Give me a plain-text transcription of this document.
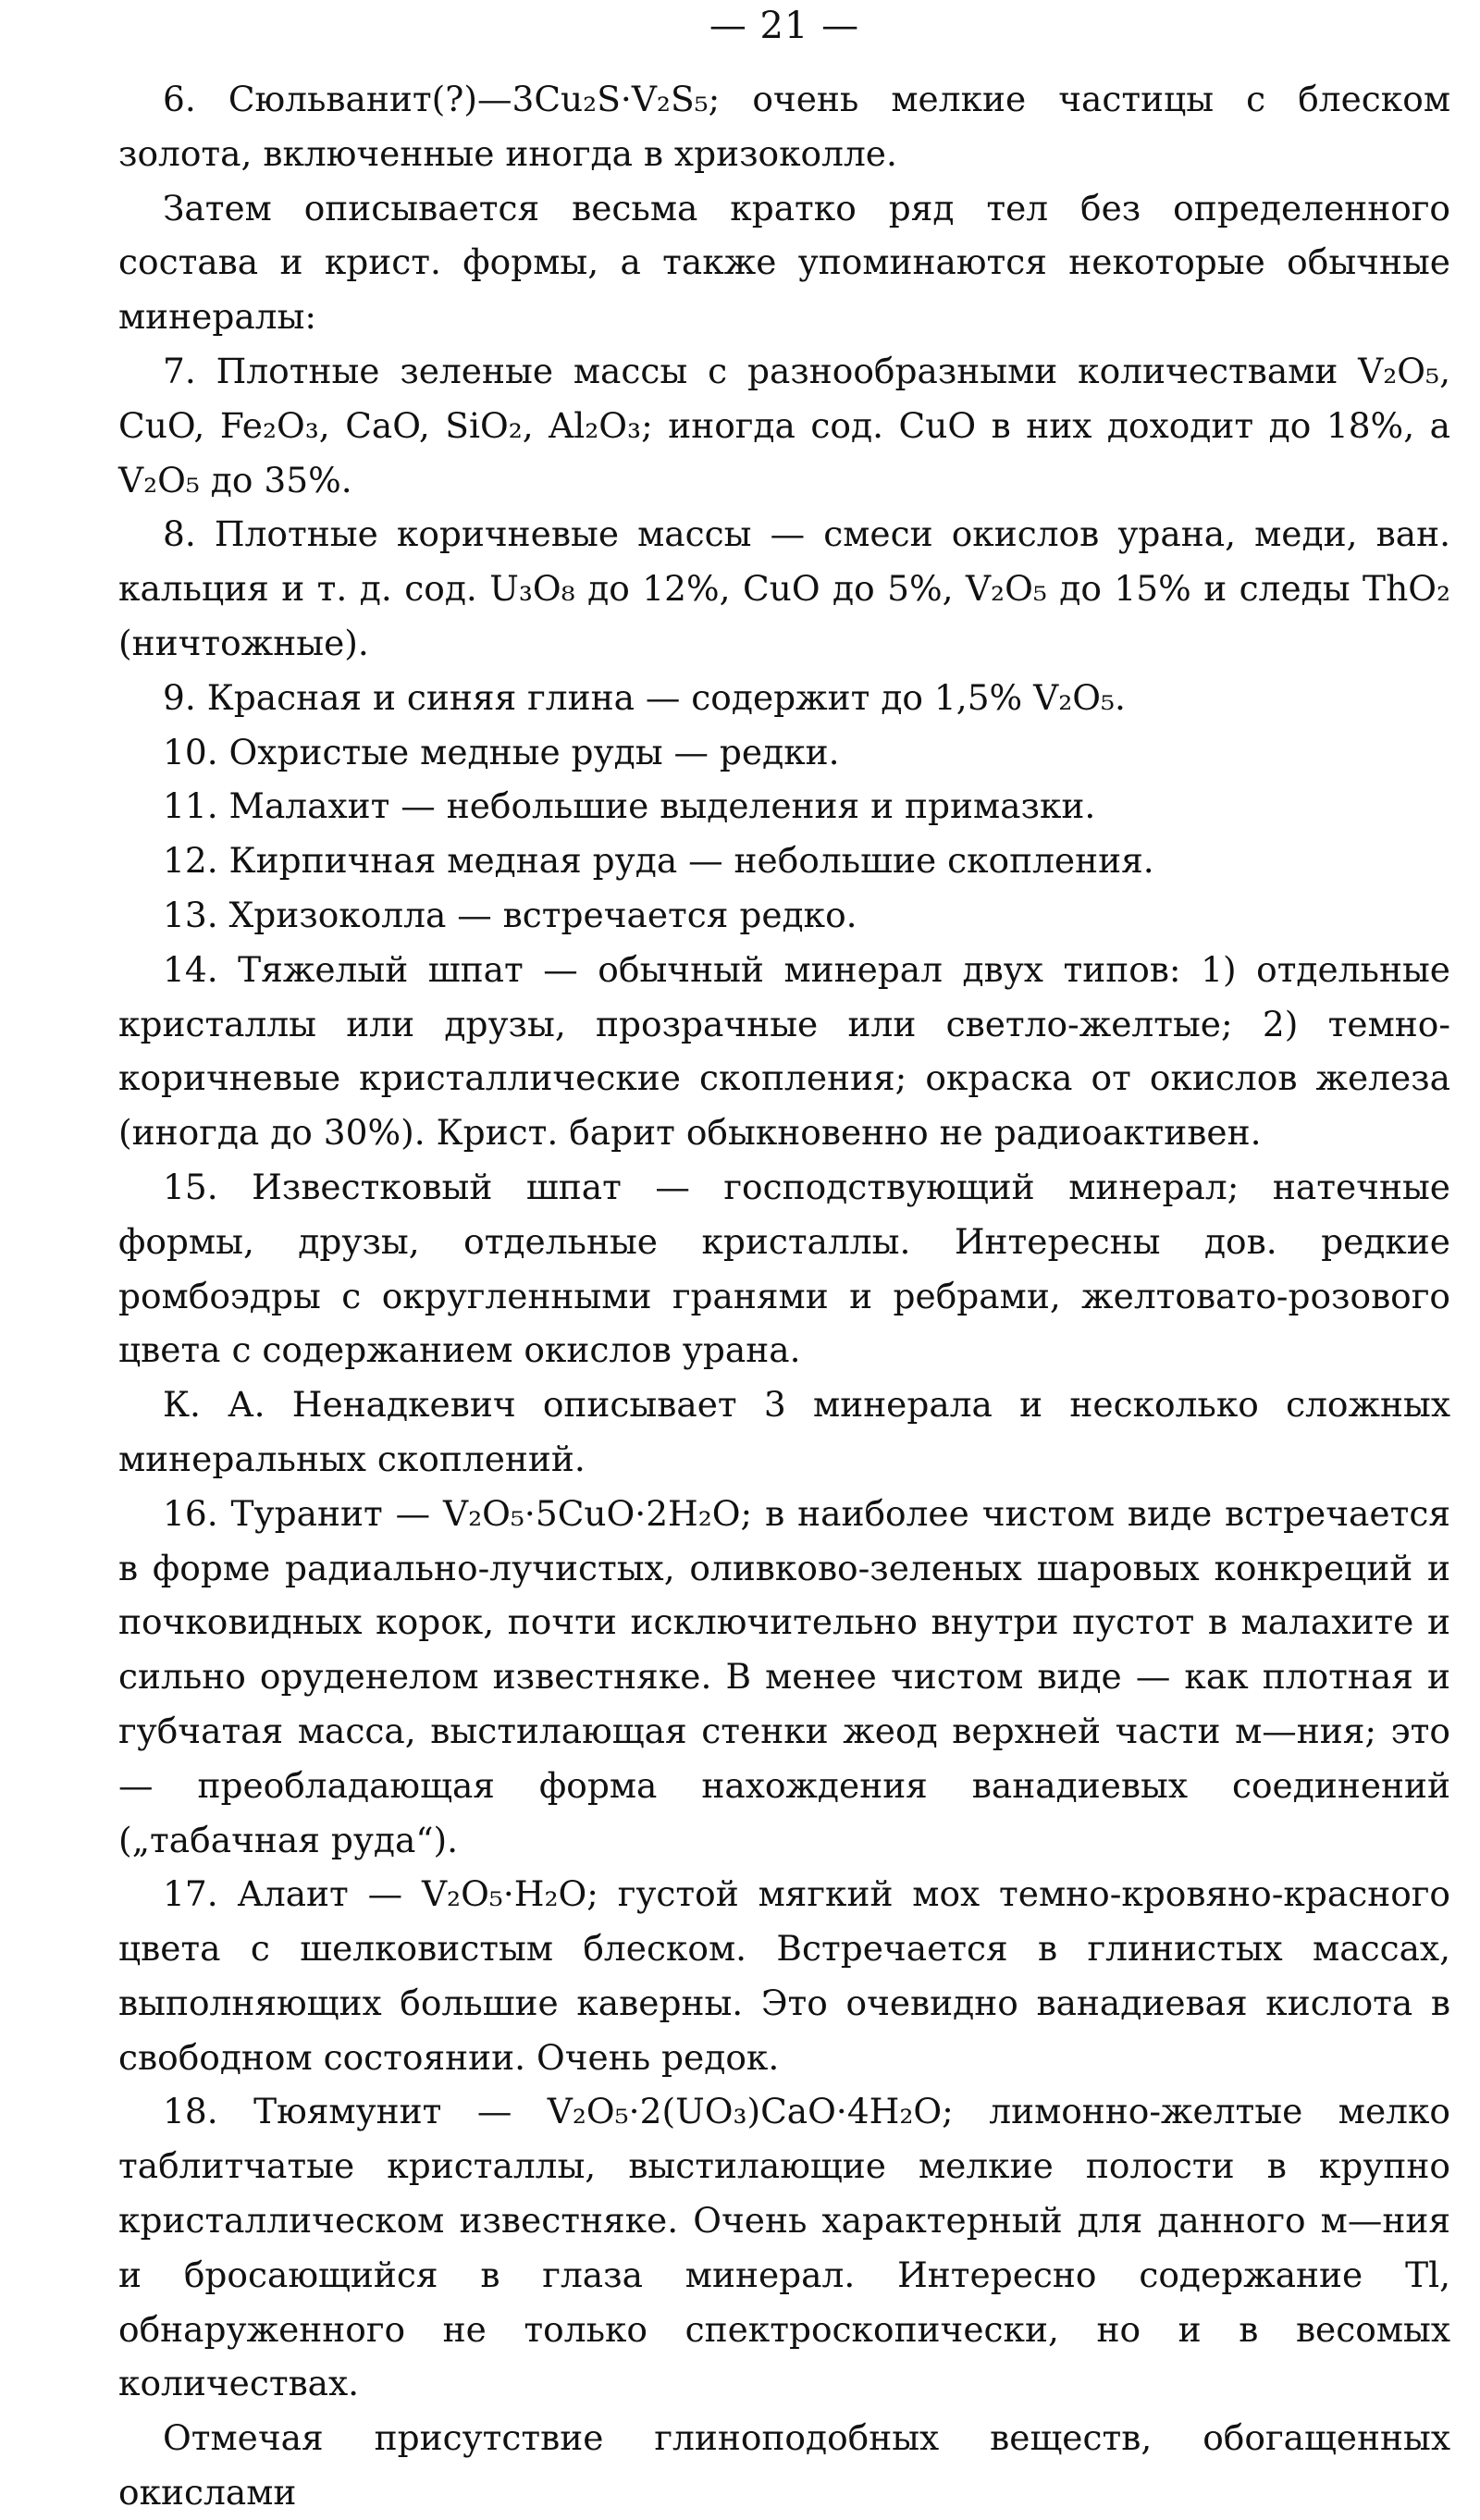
— 21 —

6. Сюльванит(?)—3Cu₂S·V₂S₅; очень мелкие частицы с блеском золота, включенные иногда в хризоколле.

Затем описывается весьма кратко ряд тел без определенного состава и крист. формы, а также упоминаются некоторые обычные минералы:

7. Плотные зеленые массы с разнообразными количествами V₂O₅, CuO, Fe₂O₃, CaO, SiO₂, Al₂O₃; иногда сод. CuO в них доходит до 18%, а V₂O₅ до 35%.

8. Плотные коричневые массы — смеси окислов урана, меди, ван. кальция и т. д. сод. U₃O₈ до 12%, CuO до 5%, V₂O₅ до 15% и следы ThO₂ (ничтожные).

9. Красная и синяя глина — содержит до 1,5% V₂O₅.

10. Охристые медные руды — редки.

11. Малахит — небольшие выделения и примазки.

12. Кирпичная медная руда — небольшие скопления.

13. Хризоколла — встречается редко.

14. Тяжелый шпат — обычный минерал двух типов: 1) отдельные кристаллы или друзы, прозрачные или светло-желтые; 2) темно-коричневые кристаллические скопления; окраска от окислов железа (иногда до 30%). Крист. барит обыкновенно не радиоактивен.

15. Известковый шпат — господствующий минерал; натечные формы, друзы, отдельные кристаллы. Интересны дов. редкие ромбоэдры с округленными гранями и ребрами, желтовато-розового цвета с содержанием окислов урана.

К. А. Ненадкевич описывает 3 минерала и несколько сложных минеральных скоплений.

16. Туранит — V₂O₅·5CuO·2H₂O; в наиболее чистом виде встречается в форме радиально-лучистых, оливково-зеленых шаровых конкреций и почковидных корок, почти исключительно внутри пустот в малахите и сильно оруденелом известняке. В менее чистом виде — как плотная и губчатая масса, выстилающая стенки жеод верхней части м—ния; это — преобладающая форма нахождения ванадиевых соединений („табачная руда“).

17. Алаит — V₂O₅·H₂O; густой мягкий мох темно-кровяно-красного цвета с шелковистым блеском. Встречается в глинистых массах, выполняющих большие каверны. Это очевидно ванадиевая кислота в свободном состоянии. Очень редок.

18. Тюямунит — V₂O₅·2(UO₃)CaO·4H₂O; лимонно-желтые мелко таблитчатые кристаллы, выстилающие мелкие полости в крупно кристаллическом известняке. Очень характерный для данного м—ния и бросающийся в глаза минерал. Интересно содержание Tl, обнаруженного не только спектроскопически, но и в весомых количествах.

Отмечая присутствие глиноподобных веществ, обогащенных окислами
